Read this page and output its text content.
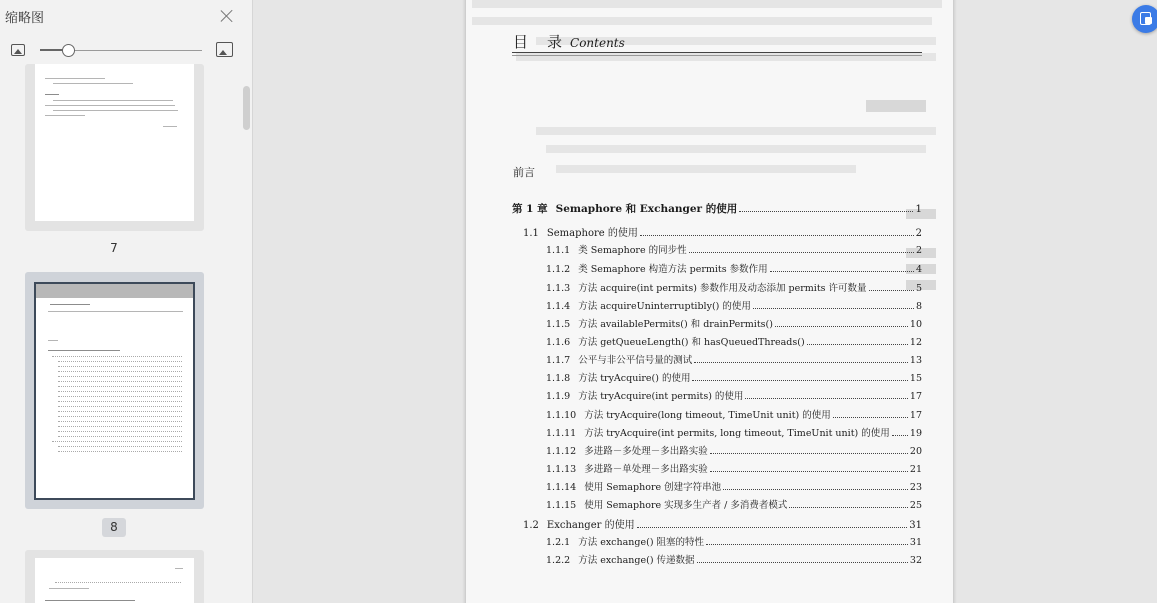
缩略图
7
8
目　录 Contents
前言
第 1 章 Semaphore 和 Exchanger 的使用	1
1.1 Semaphore 的使用	2
1.1.1 类 Semaphore 的同步性	2
1.1.2 类 Semaphore 构造方法 permits 参数作用	4
1.1.3 方法 acquire(int permits) 参数作用及动态添加 permits 许可数量	5
1.1.4 方法 acquireUninterruptibly() 的使用	8
1.1.5 方法 availablePermits() 和 drainPermits()	10
1.1.6 方法 getQueueLength() 和 hasQueuedThreads()	12
1.1.7 公平与非公平信号量的测试	13
1.1.8 方法 tryAcquire() 的使用	15
1.1.9 方法 tryAcquire(int permits) 的使用	17
1.1.10 方法 tryAcquire(long timeout, TimeUnit unit) 的使用	17
1.1.11 方法 tryAcquire(int permits, long timeout, TimeUnit unit) 的使用 19
1.1.12 多进路－多处理－多出路实验	20
1.1.13 多进路－单处理－多出路实验	21
1.1.14 使用 Semaphore 创建字符串池	23
1.1.15 使用 Semaphore 实现多生产者 / 多消费者模式	25
1.2 Exchanger 的使用	31
1.2.1 方法 exchange() 阻塞的特性	31
1.2.2 方法 exchange() 传递数据	32
